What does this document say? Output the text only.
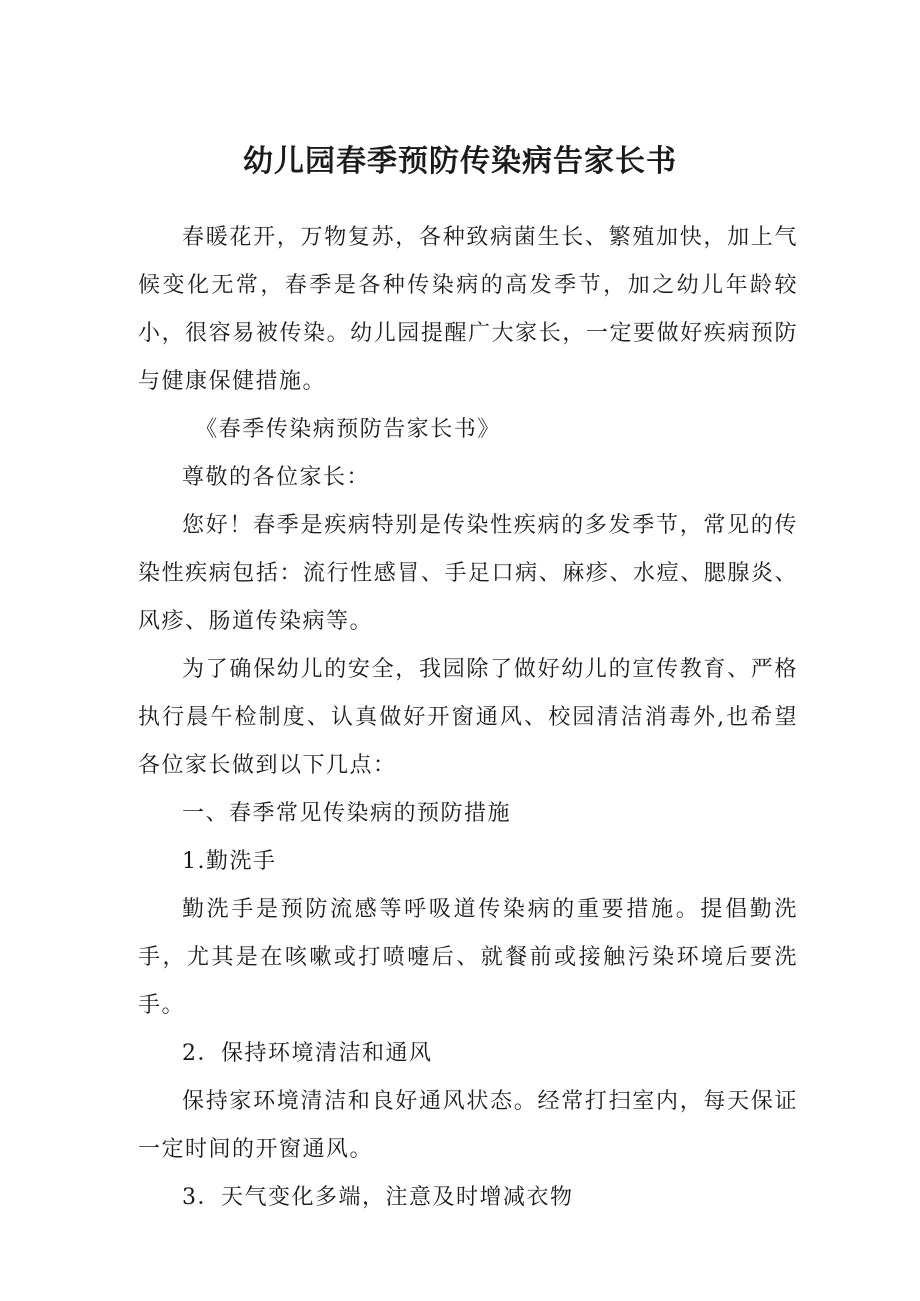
幼儿园春季预防传染病告家长书

春暖花开，万物复苏，各种致病菌生长、繁殖加快，加上气候变化无常，春季是各种传染病的高发季节，加之幼儿年龄较小，很容易被传染。幼儿园提醒广大家长，一定要做好疾病预防与健康保健措施。

《春季传染病预防告家长书》

尊敬的各位家长：

您好！春季是疾病特别是传染性疾病的多发季节，常见的传染性疾病包括：流行性感冒、手足口病、麻疹、水痘、腮腺炎、风疹、肠道传染病等。

为了确保幼儿的安全，我园除了做好幼儿的宣传教育、严格执行晨午检制度、认真做好开窗通风、校园清洁消毒外,也希望各位家长做到以下几点：

一、春季常见传染病的预防措施

1.勤洗手

勤洗手是预防流感等呼吸道传染病的重要措施。提倡勤洗手，尤其是在咳嗽或打喷嚏后、就餐前或接触污染环境后要洗手。

2．保持环境清洁和通风

保持家环境清洁和良好通风状态。经常打扫室内，每天保证一定时间的开窗通风。

3．天气变化多端，注意及时增减衣物
